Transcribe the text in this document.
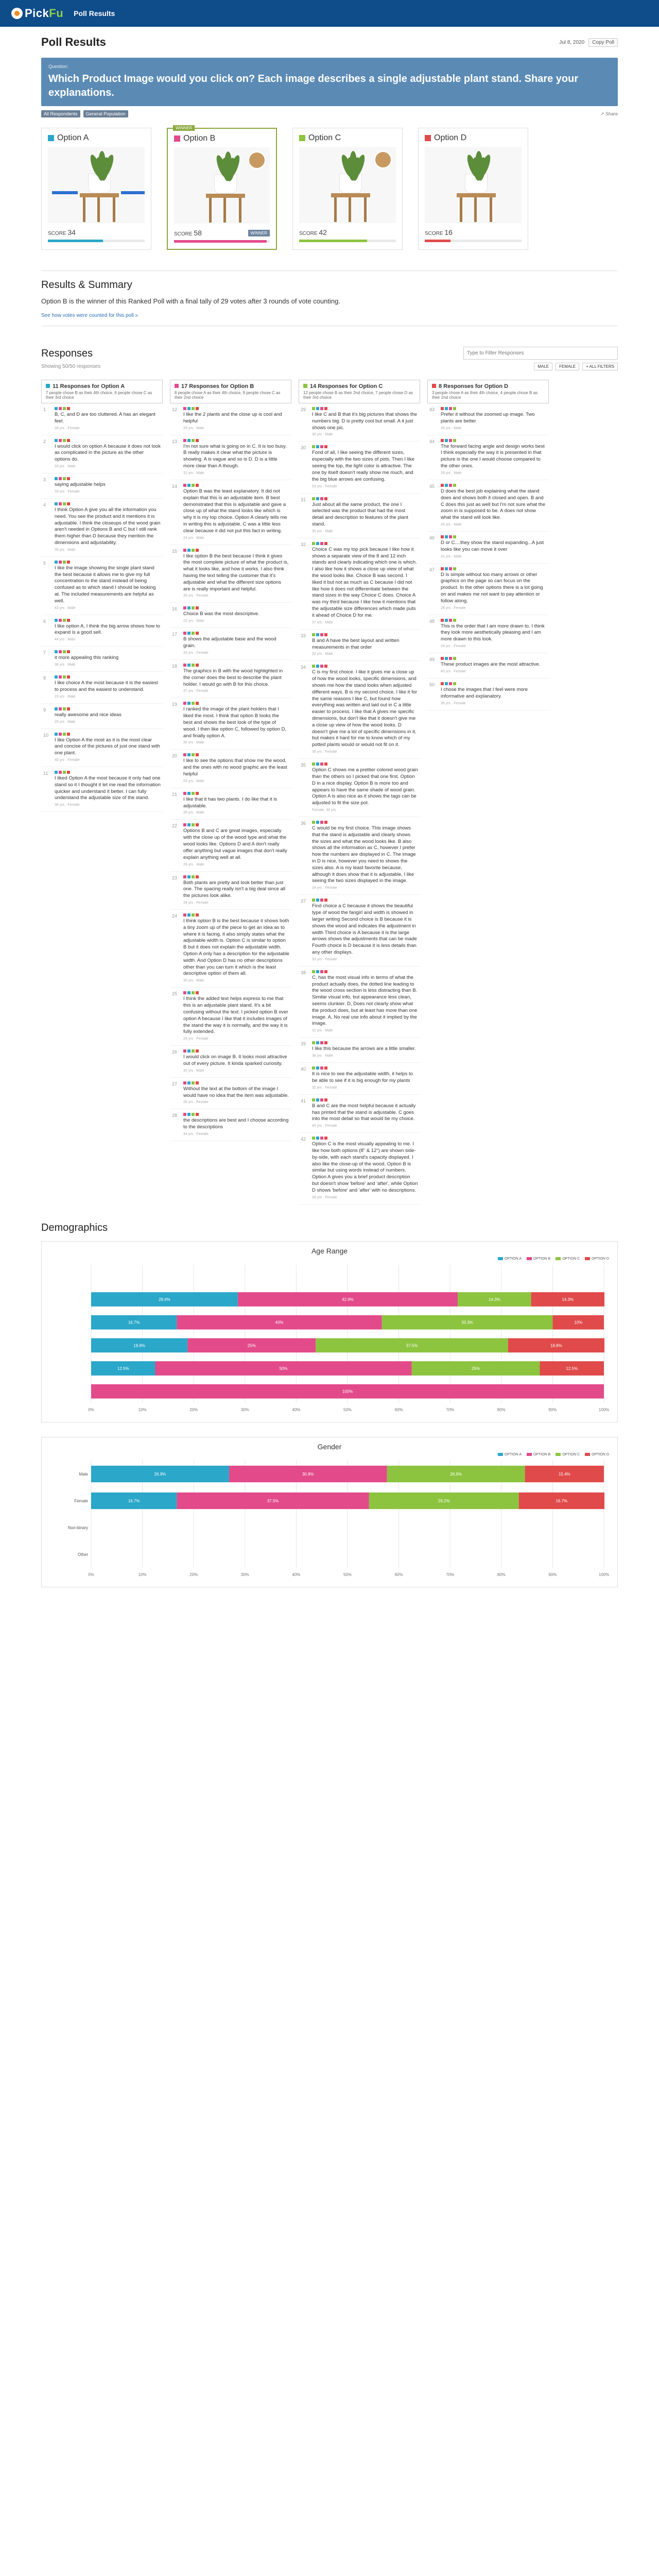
PickFu Poll Results
Poll Results	Jul 8, 2020	Copy Poll
Question:
Which Product Image would you click on? Each image describes a single adjustable plant stand. Share your explanations.
All Respondents	General Population	↗ Share
Option A
SCORE 34
WINNER
Option B
SCORE 58	WINNER
Option C
SCORE 42
Option D
SCORE 16
Results & Summary

Option B is the winner of this Ranked Poll with a final tally of 29 votes after 3 rounds of vote counting.

See how votes were counted for this poll »
Responses
Type to Filter Responses
Showing 50/50 responses	MALE	FEMALE	+ ALL FILTERS
11 Responses for Option A
7 people chose B as their 4th choice, 6 people chose C as their 3rd choice
1
B, C, and D are too cluttered. A has an elegant feel.
28 yrs · Female
2
I would click on option A because it does not look as complicated in the picture as the other options do.
33 yrs · Male
3
saying adjustable helps
33 yrs · Female
4
I think Option A give you all the information you need. You see the product and it mentions it is adjustable. I think the closeups of the wood grain aren't needed in Options B and C but I still rank them higher than D because they mention the dimensions and adjustability.
35 yrs · Male
5
I like the image showing the single plant stand the best because it allows me to give my full concentration to the stand instead of being confused as to which stand I should be looking at. The included measurements are helpful as well.
43 yrs · Male
6
I like option A, I think the big arrow shows how to expand is a good sell.
44 yrs · Male
7
it more appealing this ranking
38 yrs · Male
8
I like choice A the most because it is the easiest to process and the easiest to understand.
23 yrs · Male
9
really awesome and nice ideas
29 yrs · Male
10
I like Option A the most as it is the most clear and concise of the pictures of just one stand with one plant.
40 yrs · Female
11
I liked Option A the most because it only had one stand so it I thought it let me read the information quicker and understand it better. I can fully understand the adjustable size of the stand.
38 yrs · Female
17 Responses for Option B
8 people chose A as their 4th choice, 9 people chose C as their 2nd choice
12
I like the 2 plants and the close up is cool and helpful
29 yrs · Male
13
I'm not sure what is going on in C. It is too busy. B really makes it clear what the picture is showing. A is vague and so is D. D is a little more clear than A though.
31 yrs · Male
14
Option B was the least explanatory. It did not explain that this is an adjustable item. B best demonstrated that this is adjustable and gave a close up of what the stand looks like which is why it is my top choice. Option A clearly tells me in writing this is adjustable. C was a little less clear because it did not put this fact in writing.
24 yrs · Male
15
I like option B the best because I think it gives the most complete picture of what the product is, what it looks like, and how it works. I also think having the text telling the customer that it's adjustable and what the different size options are is really important and helpful.
35 yrs · Female
16
Choice B was the most descriptive.
22 yrs · Male
17
B shows the adjustable base and the wood grain.
33 yrs · Female
18
The graphics in B with the wood highlighted in the corner does the best to describe the plant holder. I would go with B for this choice.
37 yrs · Female
19
I ranked the image of the plant holders that I liked the most. I think that option B looks the best and shows the best look of the type of wood. I then like option C, followed by option D, and finally option A.
30 yrs · Male
20
I like to see the options that show me the wood, and the ones with no wood graphic are the least helpful
53 yrs · Male
21
I like that it has two plants. I do like that it is adjustable.
26 yrs · Male
22
Options B and C are great images, especially with the close up of the wood type and what the wood looks like. Options D and A don't really offer anything but vague images that don't really explain anything well at all.
29 yrs · Male
23
Both plants are pretty and look better than just one. The spacing really isn't a big deal since all the pictures look alike.
34 yrs · Female
24
I think option B is the best because it shows both a tiny zoom up of the piece to get an idea as to where it is facing, it also simply states what the adjustable width is. Option C is similar to option B but it does not explain the adjustable width. Option A only has a description for the adjustable width. And Option D has no other descriptions other than you can turn it which is the least descriptive option of them all.
30 yrs · Male
25
I think the added text helps express to me that this is an adjustable plant stand. It's a bit confusing without the text. I picked option B over option A because I like that it includes images of the stand the way it is normally, and the way it is fully extended.
29 yrs · Female
26
I would click on image B. It looks most attractive out of every picture. It kinda sparked curiosity.
30 yrs · Male
27
Without the text at the bottom of the image I would have no idea that the item was adjustable.
28 yrs · Female
28
the descriptions are best and I choose according to the descriptions
44 yrs · Female
14 Responses for Option C
12 people chose B as their 2nd choice, 7 people chose D as their 3rd choice
29
I like C and B that it's big pictures that shows the numbers big. D is pretty cool but small. A it just shows one pic.
30 yrs · Male
30
Fond of all, I like seeing the different sizes, especially with the two sizes of pots. Then I like seeing the top, the light color is attractive. The one by itself doesn't really show me much, and the big blue arrows are confusing.
53 yrs · Female
31
Just about all the same product, the one I selected was the product that had the most detail and description to features of the plant stand.
35 yrs · Male
32
Choice C was my top pick because I like how it shows a separate view of the 8 and 12 inch stands and clearly indicating which one is which. I also like how it shows a close up view of what the wood looks like. Choice B was second. I liked it but not as much as C because I did not like how it does not differentiate between the stand sizes in the way Choice C does. Choice A was my third because I like how it mentions that the adjustable size differences which made puts it ahead of Choice D for me.
37 yrs · Male
33
B and A have the best layout and written measurements in that order
30 yrs · Male
34
C is my first choice. I like it gives me a close up of how the wood looks, specific dimensions, and shows me how the stand looks when adjusted different ways. B is my second choice. I like it for the same reasons I like C, but found how everything was written and laid out in C a little easier to process. I like that A gives me specific dimensions, but don't like that it doesn't give me a close up view of how the wood looks. D doesn't give me a lot of specific dimensions in it, but makes it hard for me to know which of my potted plants would or would not fit on it.
35 yrs · Female
35
Option C shows me a prettier colored wood grain than the others so I picked that one first. Option D in a nice display. Option B is more too and appears to have the same shade of wood grain. Option A is also nice as it shows the tags can be adjusted to fit the size pot.
Female, 34 yrs
36
C would be my first choice. This image shows that the stand is adjustable and clearly shows the sizes and what the wood looks like. B also shows all the information as C, however I prefer how the numbers are displayed in C. The image in D is nice, however you need to shows the sizes also. A is my least favorite because, although it does show that it is adjustable, I like seeing the two sizes displayed in the image.
28 yrs · Female
37
Find choice a C because it shows the beautiful type of wood the fangirl and width is showed in larger writing Second choice is B because it is shows the wood and indicates the adjustment in width Third choice is A because it is the large arrows shows the adjustments that can be made Fourth choice is D because it is less details than any other displays.
33 yrs · Female
38
C, has the most visual info in terms of what the product actually does, the dotted line leading to the wood cross section is less distracting than B. Similar visual info, but appearance less clean, seems clunkier. D, Does not clearly show what the product does, but at least has more than one image. A, No real use info about it implied by the image.
31 yrs · Male
39
I like this because the arrows are a little smaller.
38 yrs · Male
40
It is nice to see the adjustable width, it helps to be able to see if it is big enough for my plants
32 yrs · Female
41
B and C are the most helpful because it actually has printed that the stand is adjustable. C goes into the most detail so that would be my choice.
40 yrs · Female
42
Option C is the most visually appealing to me. I like how both options (8" & 12") are shown side-by-side, with each stand's capacity displayed. I also like the close-up of the wood. Option B is similar but using words instead of numbers. Option A gives you a brief product description but doesn't show 'before' and 'after', while Option D shows 'before' and 'after' with no descriptions.
28 yrs · Female
8 Responses for Option D
3 people chose A as their 4th choice, 4 people chose B as their 2nd choice
43
Prefer it without the zoomed up image. Two plants are better
36 yrs · Male
44
The forward facing angle and design works best I think especially the way it is presented in that picture is the one I would choose compared to the other ones.
29 yrs · Male
45
D does the best job explaining what the stand does and shows both it closed and open. B and C does this just as well but I'm not sure what the zoom in is supposed to be. A does not show what the stand will look like.
26 yrs · Male
46
D or C....they show the stand expanding...A just looks like you can move it over
31 yrs · Male
47
D is simple without too many arrows or other graphics on the page so can focus on the product. In the other options there is a lot going on and makes me not want to pay attention or follow along.
28 yrs · Female
48
This is the order that I am more drawn to. I think they look more aesthetically pleasing and I am more drawn to this look.
29 yrs · Female
49
These product images are the most attractive.
40 yrs · Female
50
I chose the images that I feel were more informative and explanatory.
36 yrs · Female
Demographics
Age Range
OPTION A	OPTION B	OPTION C	OPTION D
0%	10%	20%	30%	40%	50%	60%	70%	80%	90%	100%
28.6%	42.9%	14.3%	14.3%
16.7%	40%	33.3%	10%
18.8%	25%	37.5%	18.8%
12.5%	50%	25%	12.5%
100%
Gender
OPTION A	OPTION B	OPTION C	OPTION D
0%	10%	20%	30%	40%	50%	60%	70%	80%	90%	100%
Male	26.9%	30.8%	26.9%	15.4%
Female	16.7%	37.5%	29.2%	16.7%
Non-binary
Other
